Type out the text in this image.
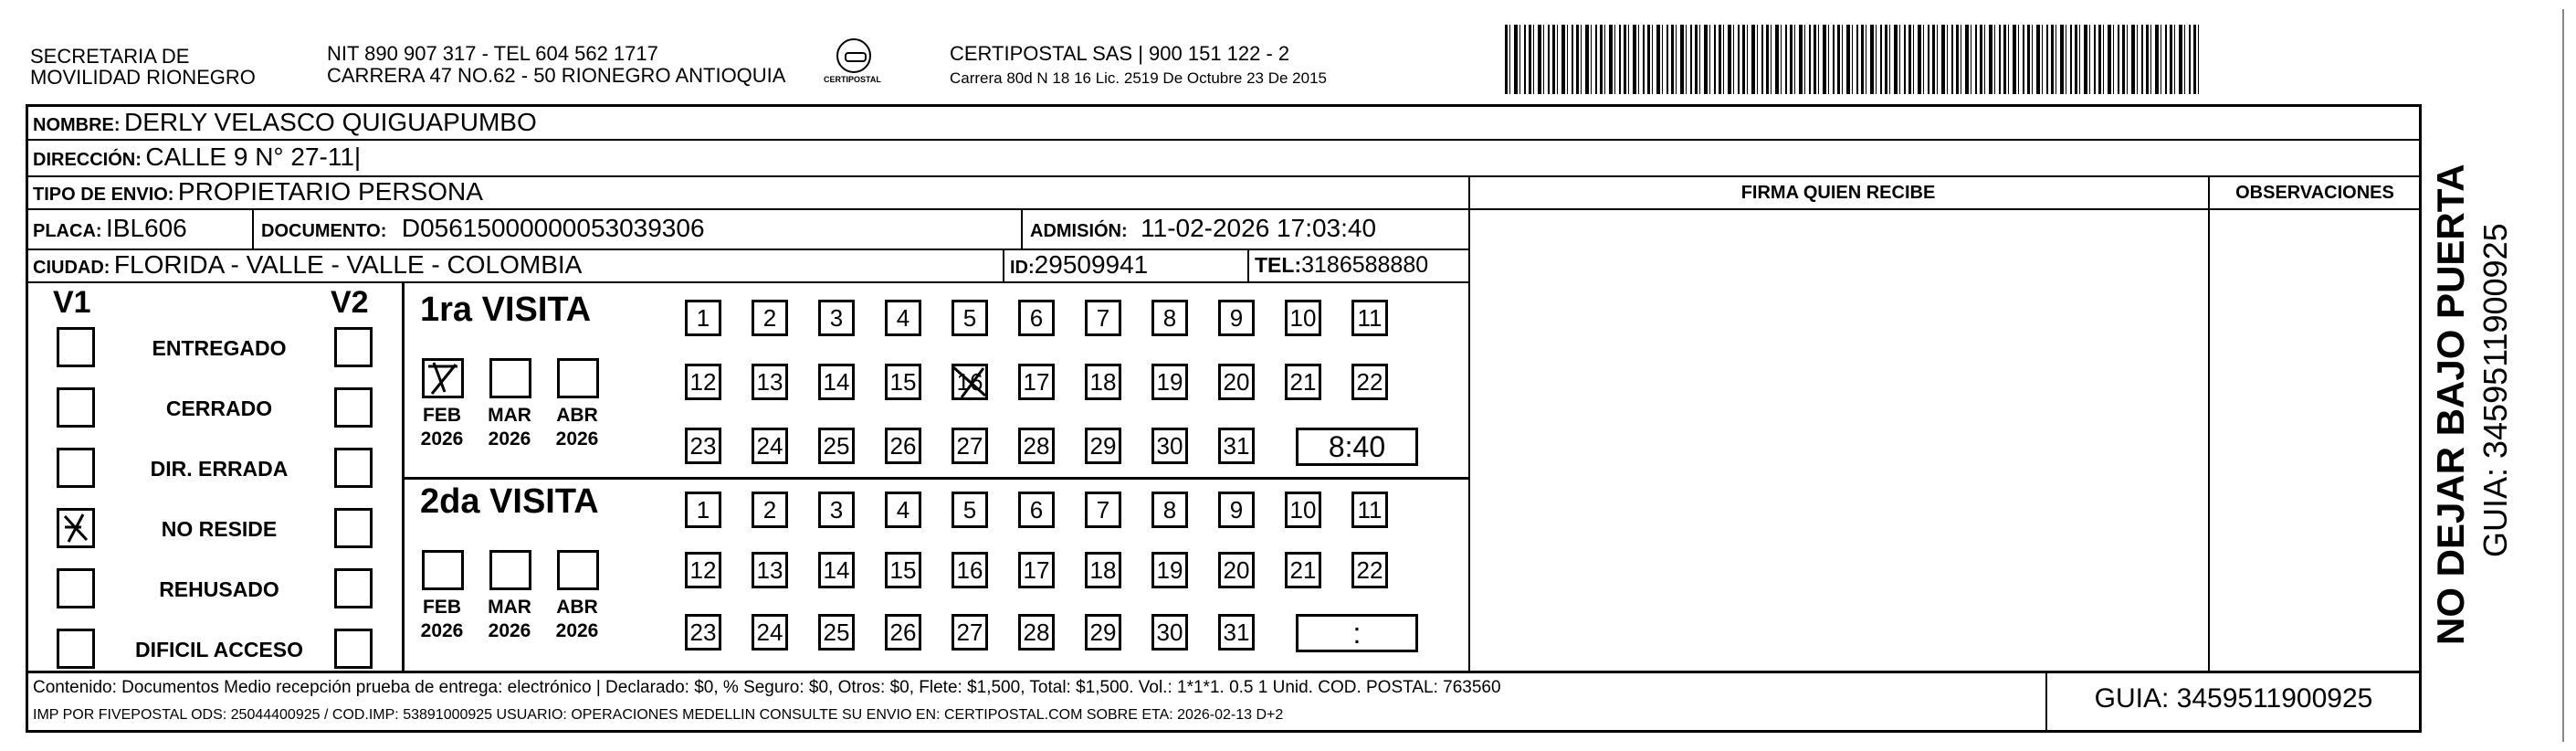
SECRETARIA DE
MOVILIDAD RIONEGRO
NIT 890 907 317 - TEL 604 562 1717
CARRERA 47 NO.62 - 50 RIONEGRO ANTIOQUIA	CERTIPOSTAL
CERTIPOSTAL SAS | 900 151 122 - 2
Carrera 80d N 18 16 Lic. 2519 De Octubre 23 De 2015
NOMBRE: DERLY VELASCO QUIGUAPUMBO
DIRECCIÓN: CALLE 9 N° 27-11|
TIPO DE ENVIO: PROPIETARIO PERSONA
PLACA: IBL606	DOCUMENTO: D05615000000053039306	ADMISIÓN: 11-02-2026 17:03:40
CIUDAD: FLORIDA - VALLE - VALLE - COLOMBIA	ID:29509941	TEL:3186588880
FIRMA QUIEN RECIBE	OBSERVACIONES
V1	V2
ENTREGADO
CERRADO
DIR. ERRADA
NO RESIDE
REHUSADO
DIFICIL ACCESO
1ra VISITA
2da VISITA
FEB
2026
MAR
2026
ABR
2026
FEB
2026
MAR
2026
ABR
2026
1	2	3	4	5	6	7	8	9	10 11
12 13 14 15 16 17 18 19 20 21 22
23 24 25 26 27 28 29 30 31	8:40
1	2	3	4	5	6	7	8	9	10 11
12 13 14 15 16 17 18 19 20 21 22
23 24 25 26 27 28 29 30 31	:
Contenido: Documentos Medio recepción prueba de entrega: electrónico | Declarado: $0, % Seguro: $0, Otros: $0, Flete: $1,500, Total: $1,500. Vol.: 1*1*1. 0.5 1 Unid. COD. POSTAL: 763560
IMP POR FIVEPOSTAL ODS: 25044400925 / COD.IMP: 53891000925 USUARIO: OPERACIONES MEDELLIN CONSULTE SU ENVIO EN: CERTIPOSTAL.COM SOBRE ETA: 2026-02-13 D+2
GUIA: 3459511900925
NO DEJAR BAJO PUERTA GUIA: 3459511900925
